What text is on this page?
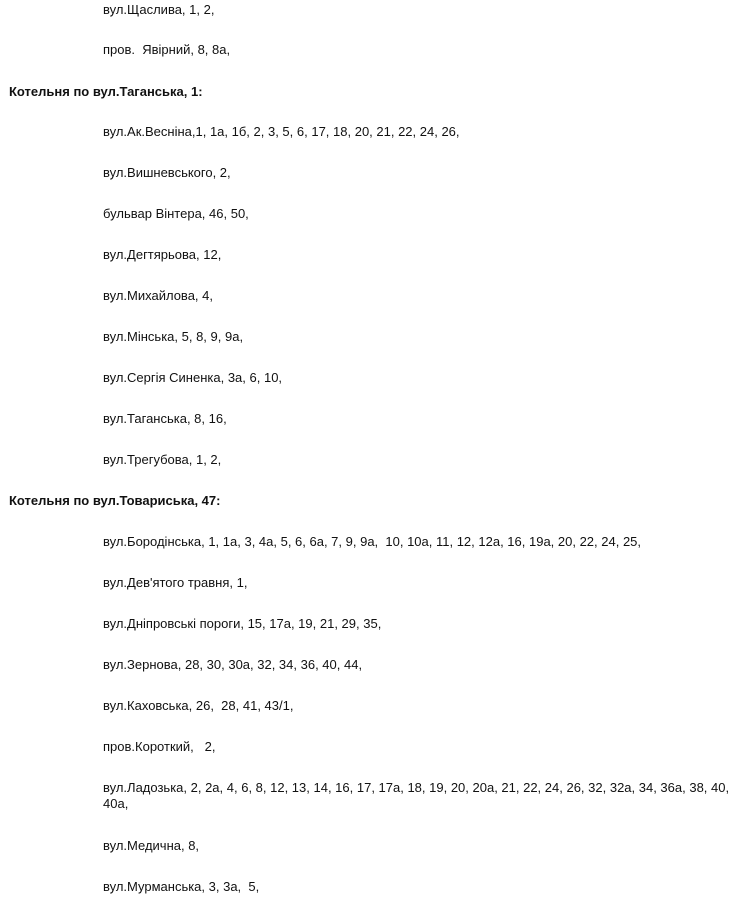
вул.Щаслива, 1, 2,
пров.  Явірний, 8, 8а,
Котельня по вул.Таганська, 1:
вул.Ак.Весніна,1, 1а, 1б, 2, 3, 5, 6, 17, 18, 20, 21, 22, 24, 26,
вул.Вишневського, 2,
бульвар Вінтера, 46, 50,
вул.Дегтярьова, 12,
вул.Михайлова, 4,
вул.Мінська, 5, 8, 9, 9а,
вул.Сергія Синенка, 3а, 6, 10,
вул.Таганська, 8, 16,
вул.Трегубова, 1, 2,
Котельня по вул.Товариська, 47:
вул.Бородінська, 1, 1а, 3, 4а, 5, 6, 6а, 7, 9, 9а,  10, 10а, 11, 12, 12а, 16, 19а, 20, 22, 24, 25,
вул.Дев'ятого травня, 1,
вул.Дніпровські пороги, 15, 17а, 19, 21, 29, 35,
вул.Зернова, 28, 30, 30а, 32, 34, 36, 40, 44,
вул.Каховська, 26,  28, 41, 43/1,
пров.Короткий,   2,
вул.Ладозька, 2, 2а, 4, 6, 8, 12, 13, 14, 16, 17, 17а, 18, 19, 20, 20а, 21, 22, 24, 26, 32, 32а, 34, 36а, 38, 40, 40а,
вул.Медична, 8,
вул.Мурманська, 3, 3а,  5,
